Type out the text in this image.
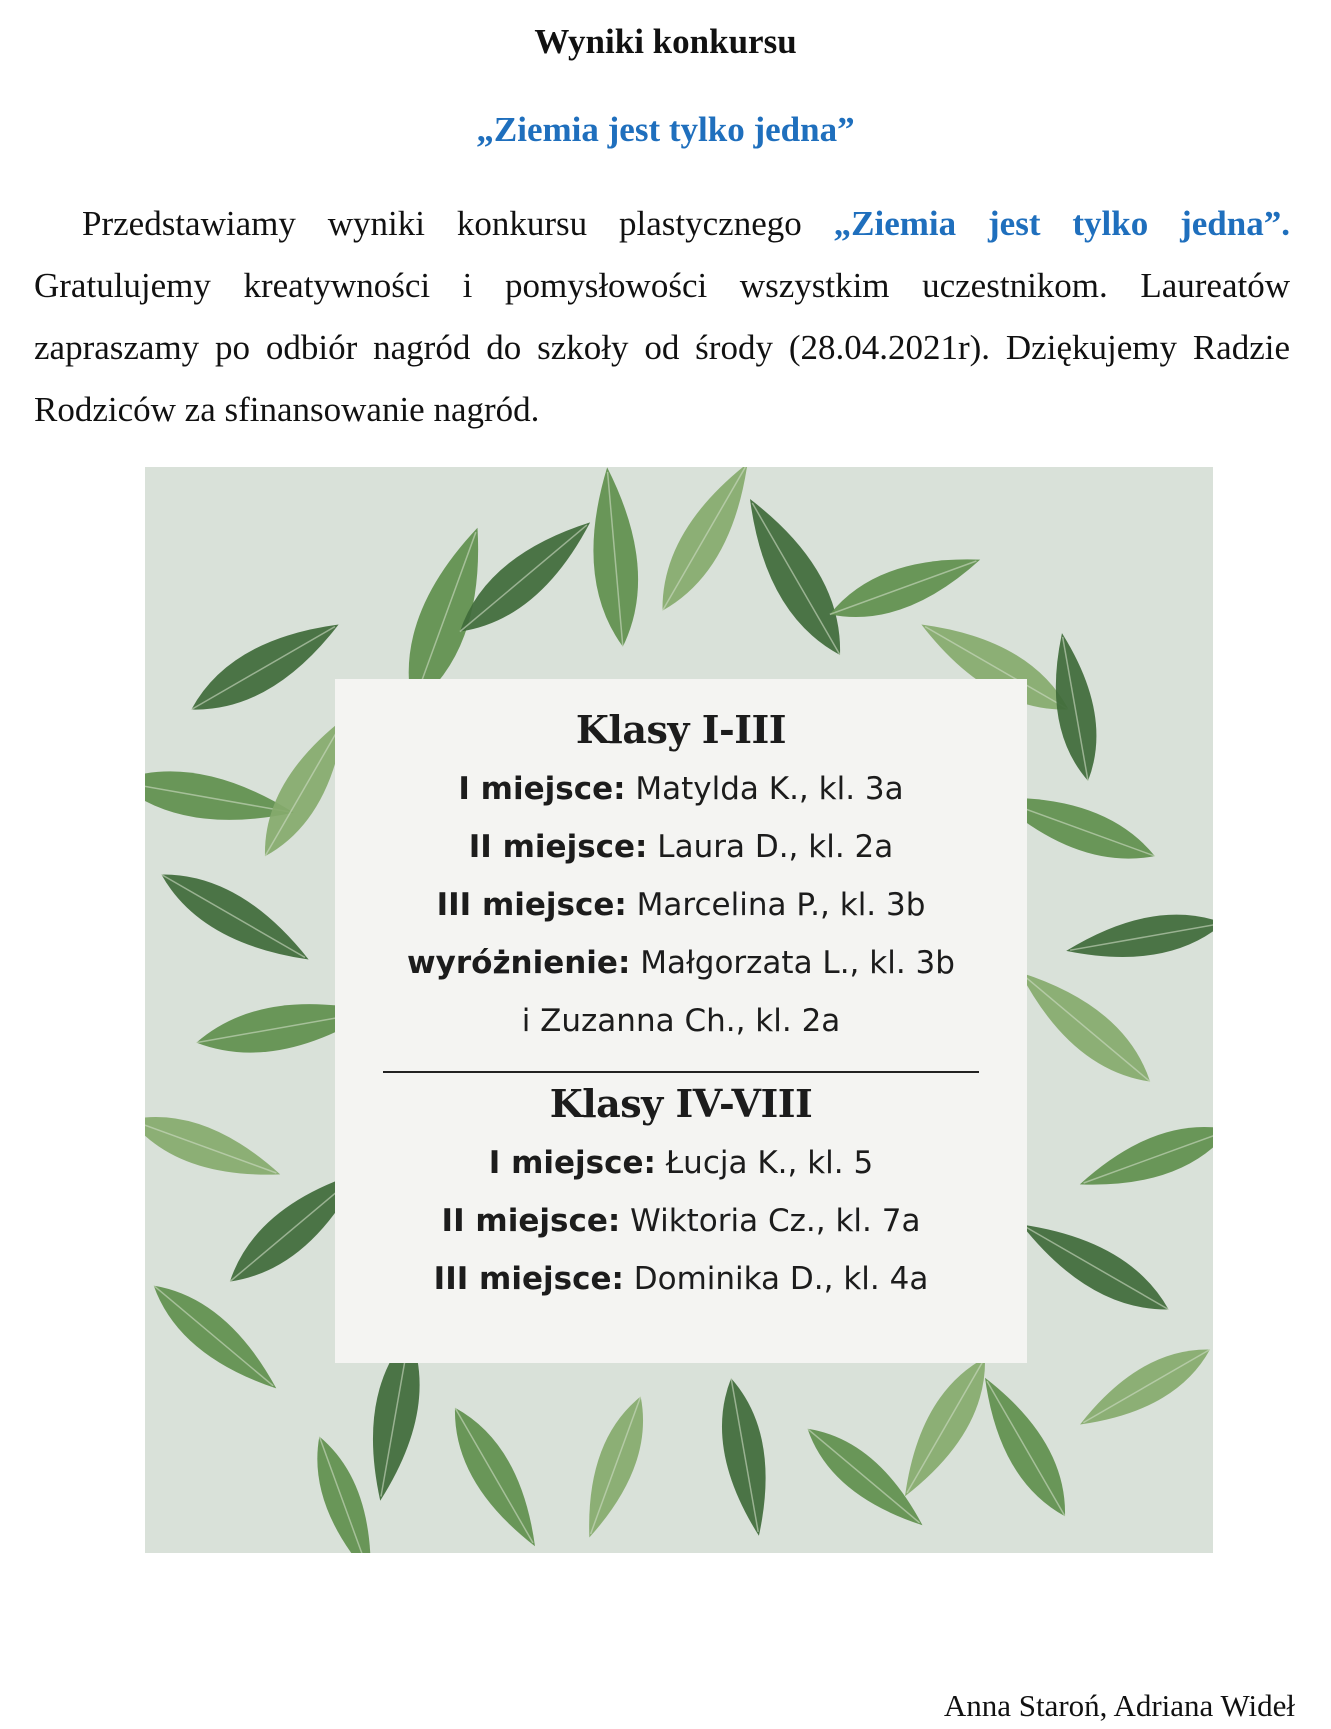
Wyniki konkursu
„Ziemia jest tylko jedna”

Przedstawiamy wyniki konkursu plastycznego „Ziemia jest tylko jedna”. Gratulujemy kreatywności i pomysłowości wszystkim uczestnikom. Laureatów zapraszamy po odbiór nagród do szkoły od środy (28.04.2021r). Dziękujemy Radzie Rodziców za sfinansowanie nagród.

Klasy I-III
I miejsce: Matylda K., kl. 3a
II miejsce: Laura D., kl. 2a
III miejsce: Marcelina P., kl. 3b
wyróżnienie: Małgorzata L., kl. 3b
i Zuzanna Ch., kl. 2a
Klasy IV-VIII
I miejsce: Łucja K., kl. 5
II miejsce: Wiktoria Cz., kl. 7a
III miejsce: Dominika D., kl. 4a
Anna Staroń, Adriana Wideł
